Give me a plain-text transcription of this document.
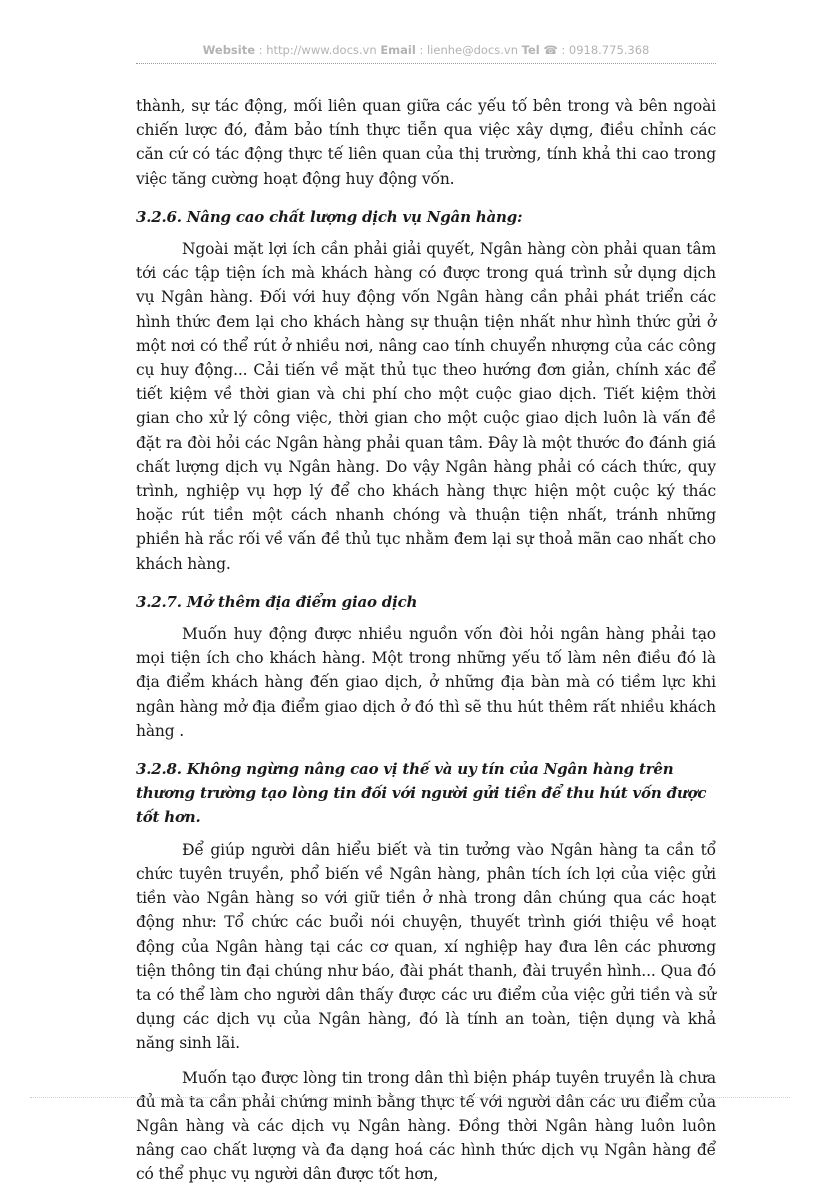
Website : http://www.docs.vn Email : lienhe@docs.vn Tel ☎ : 0918.775.368

thành, sự tác động, mối liên quan giữa các yếu tố bên trong và bên ngoài chiến lược đó, đảm bảo tính thực tiễn qua việc xây dựng, điều chỉnh các căn cứ có tác động thực tế liên quan của thị trường, tính khả thi cao trong việc tăng cường hoạt động huy động vốn.

3.2.6. Nâng cao chất lượng dịch vụ Ngân hàng:

Ngoài mặt lợi ích cần phải giải quyết, Ngân hàng còn phải quan tâm tới các tập tiện ích mà khách hàng có được trong quá trình sử dụng dịch vụ Ngân hàng. Đối với huy động vốn Ngân hàng cần phải phát triển các hình thức đem lại cho khách hàng sự thuận tiện nhất như hình thức gửi ở một nơi có thể rút ở nhiều nơi, nâng cao tính chuyển nhượng của các công cụ huy động... Cải tiến về mặt thủ tục theo hướng đơn giản, chính xác để tiết kiệm về thời gian và chi phí cho một cuộc giao dịch. Tiết kiệm thời gian cho xử lý công việc, thời gian cho một cuộc giao dịch luôn là vấn đề đặt ra đòi hỏi các Ngân hàng phải quan tâm. Đây là một thước đo đánh giá chất lượng dịch vụ Ngân hàng. Do vậy Ngân hàng phải có cách thức, quy trình, nghiệp vụ hợp lý để cho khách hàng thực hiện một cuộc ký thác hoặc rút tiền một cách nhanh chóng và thuận tiện nhất, tránh những phiền hà rắc rối về vấn đề thủ tục nhằm đem lại sự thoả mãn cao nhất cho khách hàng.

3.2.7. Mở thêm địa điểm giao dịch

Muốn huy động được nhiều nguồn vốn đòi hỏi ngân hàng phải tạo mọi tiện ích cho khách hàng. Một trong những yếu tố làm nên điều đó là địa điểm khách hàng đến giao dịch, ở những địa bàn mà có tiềm lực khi ngân hàng mở địa điểm giao dịch ở đó thì sẽ thu hút thêm rất nhiều khách hàng .

3.2.8. Không ngừng nâng cao vị thế và uy tín của Ngân hàng trên thương trường tạo lòng tin đối với người gửi tiền để thu hút vốn được tốt hơn.

Để giúp người dân hiểu biết và tin tưởng vào Ngân hàng ta cần tổ chức tuyên truyền, phổ biến về Ngân hàng, phân tích ích lợi của việc gửi tiền vào Ngân hàng so với giữ tiền ở nhà trong dân chúng qua các hoạt động như: Tổ chức các buổi nói chuyện, thuyết trình giới thiệu về hoạt động của Ngân hàng tại các cơ quan, xí nghiệp hay đưa lên các phương tiện thông tin đại chúng như báo, đài phát thanh, đài truyền hình... Qua đó ta có thể làm cho người dân thấy được các ưu điểm của việc gửi tiền và sử dụng các dịch vụ của Ngân hàng, đó là tính an toàn, tiện dụng và khả năng sinh lãi.

Muốn tạo được lòng tin trong dân thì biện pháp tuyên truyền là chưa đủ mà ta cần phải chứng minh bằng thực tế với người dân các ưu điểm của Ngân hàng và các dịch vụ Ngân hàng. Đồng thời Ngân hàng luôn luôn nâng cao chất lượng và đa dạng hoá các hình thức dịch vụ Ngân hàng để có thể phục vụ người dân được tốt hơn,
